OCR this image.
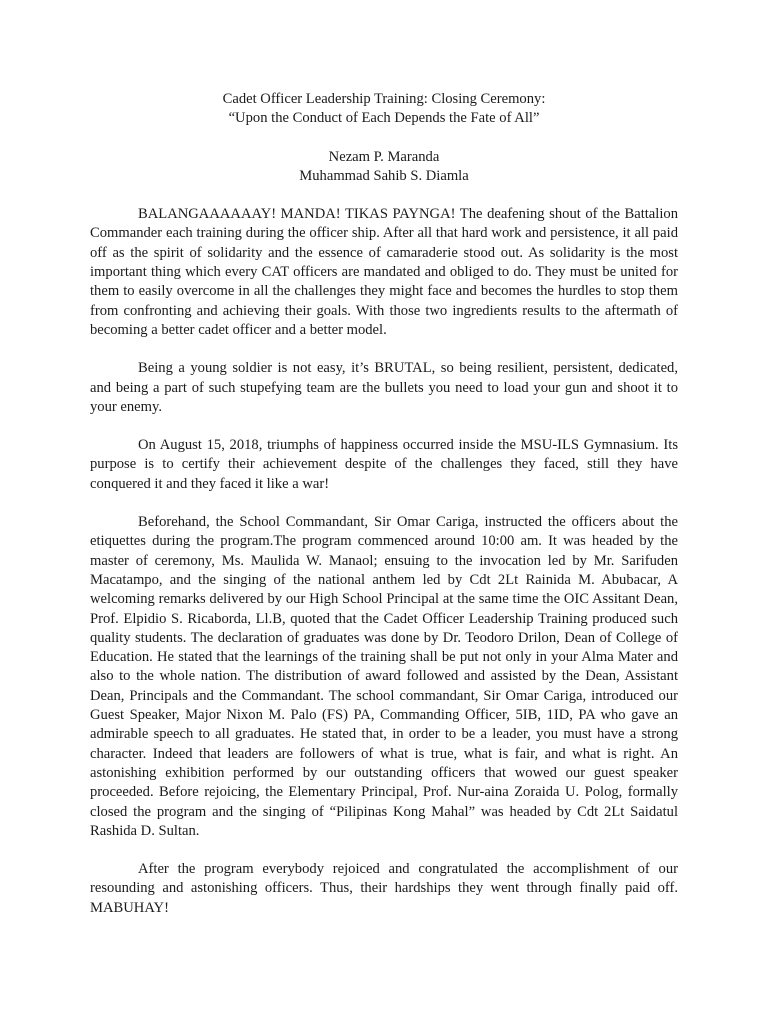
Cadet Officer Leadership Training: Closing Ceremony:
“Upon the Conduct of Each Depends the Fate of All”
Nezam P. Maranda
Muhammad Sahib S. Diamla

BALANGAAAAAAY! MANDA! TIKAS PAYNGA! The deafening shout of the Battalion Commander each training during the officer ship. After all that hard work and persistence, it all paid off as the spirit of solidarity and the essence of camaraderie stood out. As solidarity is the most important thing which every CAT officers are mandated and obliged to do. They must be united for them to easily overcome in all the challenges they might face and becomes the hurdles to stop them from confronting and achieving their goals. With those two ingredients results to the aftermath of becoming a better cadet officer and a better model.

Being a young soldier is not easy, it’s BRUTAL, so being resilient, persistent, dedicated, and being a part of such stupefying team are the bullets you need to load your gun and shoot it to your enemy.

On August 15, 2018, triumphs of happiness occurred inside the MSU-ILS Gymnasium. Its purpose is to certify their achievement despite of the challenges they faced, still they have conquered it and they faced it like a war!

Beforehand, the School Commandant, Sir Omar Cariga, instructed the officers about the etiquettes during the program.The program commenced around 10:00 am. It was headed by the master of ceremony, Ms. Maulida W. Manaol; ensuing to the invocation led by Mr. Sarifuden Macatampo, and the singing of the national anthem led by Cdt 2Lt Rainida M. Abubacar, A welcoming remarks delivered by our High School Principal at the same time the OIC Assitant Dean, Prof. Elpidio S. Ricaborda, Ll.B, quoted that the Cadet Officer Leadership Training produced such quality students. The declaration of graduates was done by Dr. Teodoro Drilon, Dean of College of Education. He stated that the learnings of the training shall be put not only in your Alma Mater and also to the whole nation. The distribution of award followed and assisted by the Dean, Assistant Dean, Principals and the Commandant. The school commandant, Sir Omar Cariga, introduced our Guest Speaker, Major Nixon M. Palo (FS) PA, Commanding Officer, 5IB, 1ID, PA who gave an admirable speech to all graduates. He stated that, in order to be a leader, you must have a strong character. Indeed that leaders are followers of what is true, what is fair, and what is right. An astonishing exhibition performed by our outstanding officers that wowed our guest speaker proceeded. Before rejoicing, the Elementary Principal, Prof. Nur-aina Zoraida U. Polog, formally closed the program and the singing of “Pilipinas Kong Mahal” was headed by Cdt 2Lt Saidatul Rashida D. Sultan.

After the program everybody rejoiced and congratulated the accomplishment of our resounding and astonishing officers. Thus, their hardships they went through finally paid off. MABUHAY!
